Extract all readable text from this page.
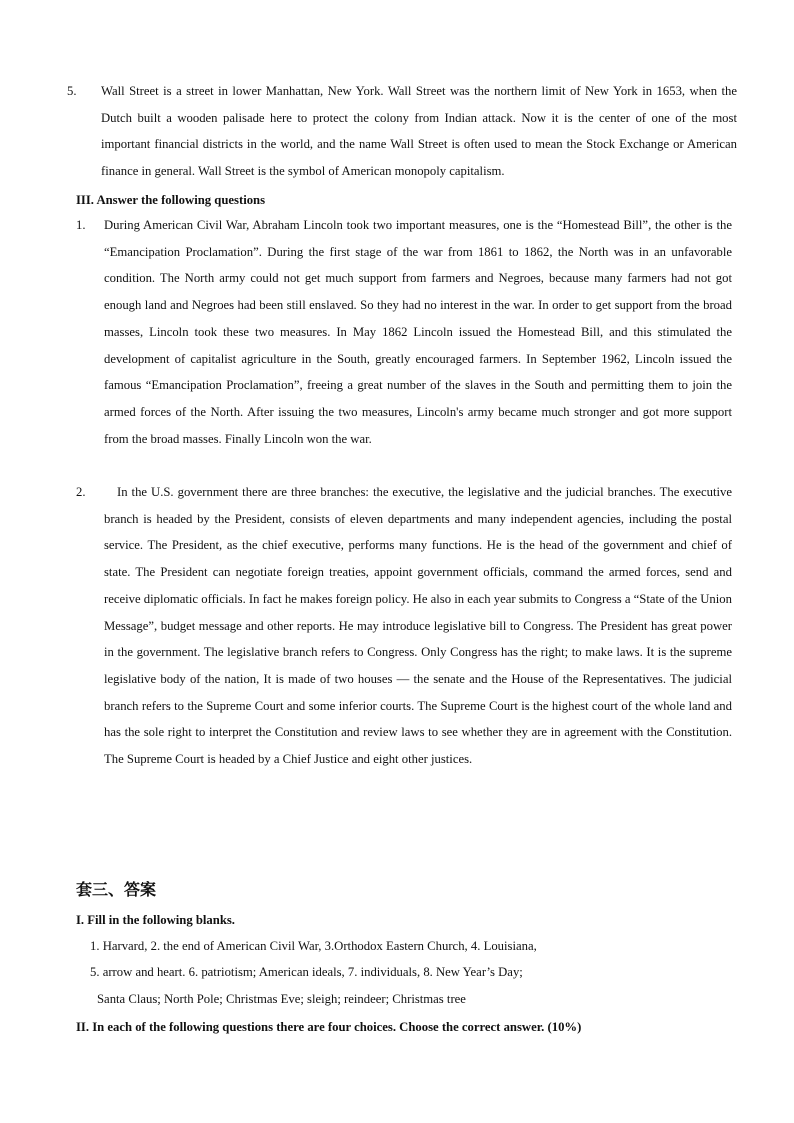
5. Wall Street is a street in lower Manhattan, New York. Wall Street was the northern limit of New York in 1653, when the Dutch built a wooden palisade here to protect the colony from Indian attack. Now it is the center of one of the most important financial districts in the world, and the name Wall Street is often used to mean the Stock Exchange or American finance in general. Wall Street is the symbol of American monopoly capitalism.

III. Answer the following questions

1. During American Civil War, Abraham Lincoln took two important measures, one is the “Homestead Bill”, the other is the “Emancipation Proclamation”. During the first stage of the war from 1861 to 1862, the North was in an unfavorable condition. The North army could not get much support from farmers and Negroes, because many farmers had not got enough land and Negroes had been still enslaved. So they had no interest in the war. In order to get support from the broad masses, Lincoln took these two measures. In May 1862 Lincoln issued the Homestead Bill, and this stimulated the development of capitalist agriculture in the South, greatly encouraged farmers. In September 1962, Lincoln issued the famous “Emancipation Proclamation”, freeing a great number of the slaves in the South and permitting them to join the armed forces of the North. After issuing the two measures, Lincoln's army became much stronger and got more support from the broad masses. Finally Lincoln won the war.

2. In the U.S. government there are three branches: the executive, the legislative and the judicial branches. The executive branch is headed by the President, consists of eleven departments and many independent agencies, including the postal service. The President, as the chief executive, performs many functions. He is the head of the government and chief of state. The President can negotiate foreign treaties, appoint government officials, command the armed forces, send and receive diplomatic officials. In fact he makes foreign policy. He also in each year submits to Congress a “State of the Union Message”, budget message and other reports. He may introduce legislative bill to Congress. The President has great power in the government. The legislative branch refers to Congress. Only Congress has the right; to make laws. It is the supreme legislative body of the nation, It is made of two houses — the senate and the House of the Representatives. The judicial branch refers to the Supreme Court and some inferior courts. The Supreme Court is the highest court of the whole land and has the sole right to interpret the Constitution and review laws to see whether they are in agreement with the Constitution. The Supreme Court is headed by a Chief Justice and eight other justices.

套三、答案

I. Fill in the following blanks.

1. Harvard, 2. the end of American Civil War, 3.Orthodox Eastern Church, 4. Louisiana,

5. arrow and heart. 6. patriotism; American ideals, 7. individuals, 8. New Year’s Day;

Santa Claus; North Pole; Christmas Eve; sleigh; reindeer; Christmas tree

II. In each of the following questions there are four choices. Choose the correct answer. (10%)
